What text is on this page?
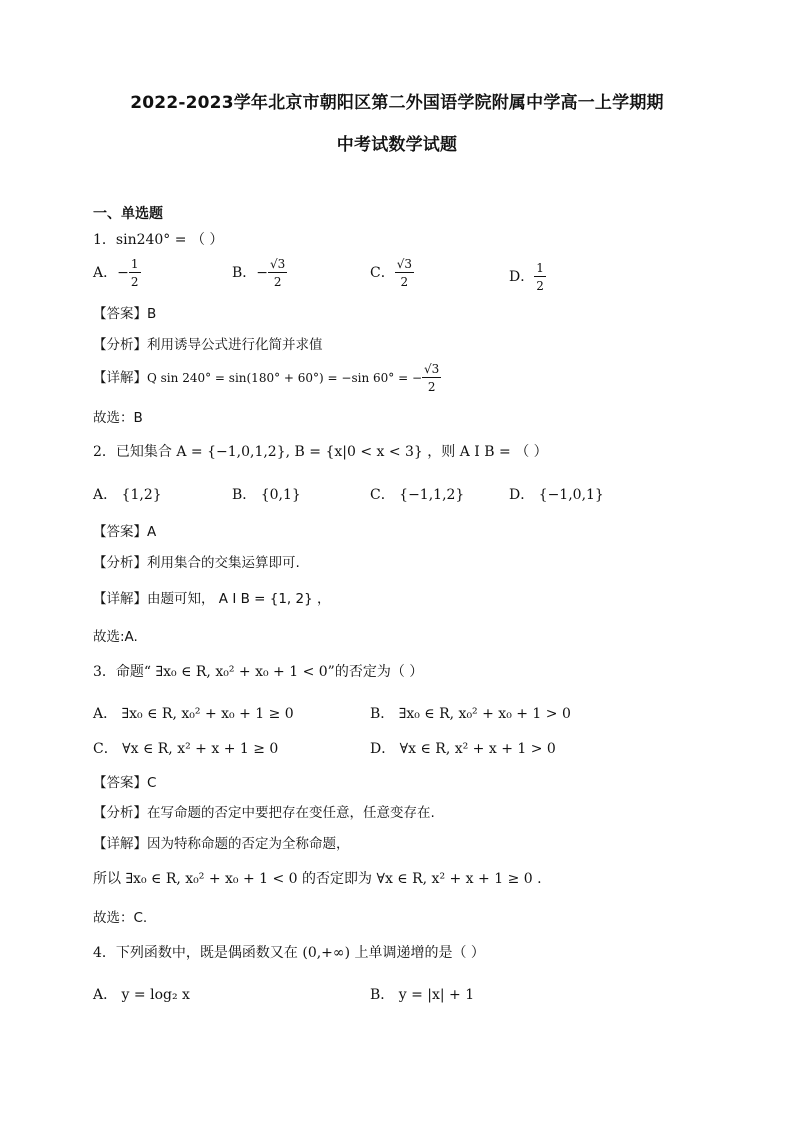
2022-2023学年北京市朝阳区第二外国语学院附属中学高一上学期期
中考试数学试题
一、单选题
1．sin240° = （ ）
A．− $\frac{1}{2}$	B．− $\frac{√3}{2}$	C． $\frac{√3}{2}$	D． $\frac{1}{2}$
【答案】B
【分析】利用诱导公式进行化简并求值
【详解】Q sin 240° = sin(180° + 60°) = −sin 60° = − $\frac{√3}{2}$
故选：B
2．已知集合 A = {−1,0,1,2}, B = {x|0 < x < 3} ，则 A I B = （ ）
A． {1,2}	B． {0,1}	C． {−1,1,2}	D． {−1,0,1}
【答案】A
【分析】利用集合的交集运算即可.
【详解】由题可知， A I B = {1, 2} ，
故选:A.
3．命题“ ∃x₀ ∈ R, x₀² + x₀ + 1 < 0”的否定为（ ）
A． ∃x₀ ∈ R, x₀² + x₀ + 1 ≥ 0	B． ∃x₀ ∈ R, x₀² + x₀ + 1 > 0
C． ∀x ∈ R, x² + x + 1 ≥ 0	D． ∀x ∈ R, x² + x + 1 > 0
【答案】C
【分析】在写命题的否定中要把存在变任意，任意变存在.
【详解】因为特称命题的否定为全称命题，
所以 ∃x₀ ∈ R, x₀² + x₀ + 1 < 0 的否定即为 ∀x ∈ R, x² + x + 1 ≥ 0 .
故选：C.
4．下列函数中，既是偶函数又在 (0,+∞) 上单调递增的是（ ）
A． y = log₂ x	B． y = |x| + 1
